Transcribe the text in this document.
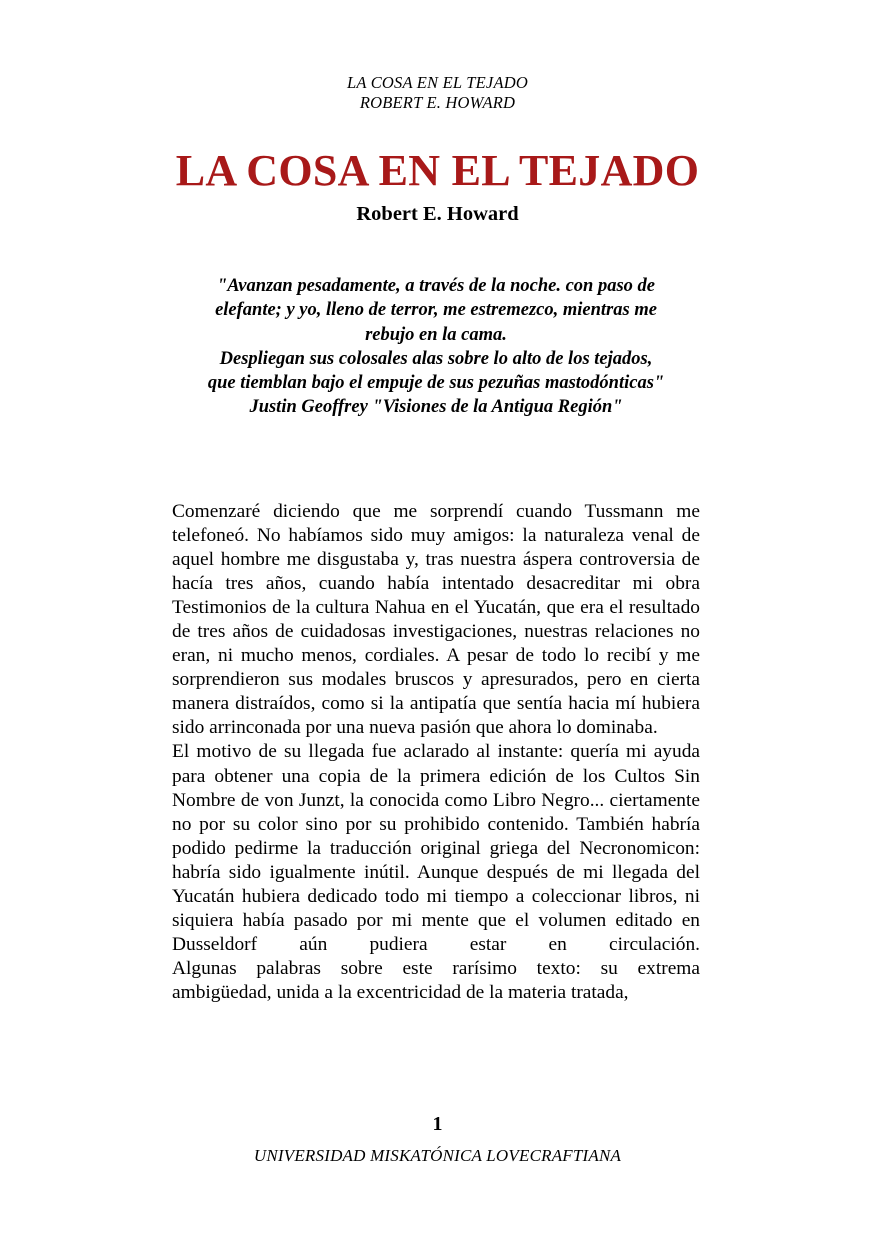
LA COSA EN EL TEJADO
ROBERT E. HOWARD
LA COSA EN EL TEJADO
Robert E. Howard
"Avanzan pesadamente, a través de la noche. con paso de
elefante; y yo, lleno de terror, me estremezco, mientras me
rebujo en la cama.
Despliegan sus colosales alas sobre lo alto de los tejados,
que tiemblan bajo el empuje de sus pezuñas mastodónticas"
Justin Geoffrey "Visiones de la Antigua Región"

Comenzaré diciendo que me sorprendí cuando Tussmann me telefoneó. No habíamos sido muy amigos: la naturaleza venal de aquel hombre me disgustaba y, tras nuestra áspera controversia de hacía tres años, cuando había intentado desacreditar mi obra Testimonios de la cultura Nahua en el Yucatán, que era el resultado de tres años de cuidadosas investigaciones, nuestras relaciones no eran, ni mucho menos, cordiales. A pesar de todo lo recibí y me sorprendieron sus modales bruscos y apresurados, pero en cierta manera distraídos, como si la antipatía que sentía hacia mí hubiera sido arrinconada por una nueva pasión que ahora lo dominaba.

El motivo de su llegada fue aclarado al instante: quería mi ayuda para obtener una copia de la primera edición de los Cultos Sin Nombre de von Junzt, la conocida como Libro Negro... ciertamente no por su color sino por su prohibido contenido. También habría podido pedirme la traducción original griega del Necronomicon: habría sido igualmente inútil. Aunque después de mi llegada del Yucatán hubiera dedicado todo mi tiempo a coleccionar libros, ni siquiera había pasado por mi mente que el volumen editado en Dusseldorf aún pudiera estar en circulación.

Algunas palabras sobre este rarísimo texto: su extrema ambigüedad, unida a la excentricidad de la materia tratada,

1
UNIVERSIDAD MISKATÓNICA LOVECRAFTIANA
